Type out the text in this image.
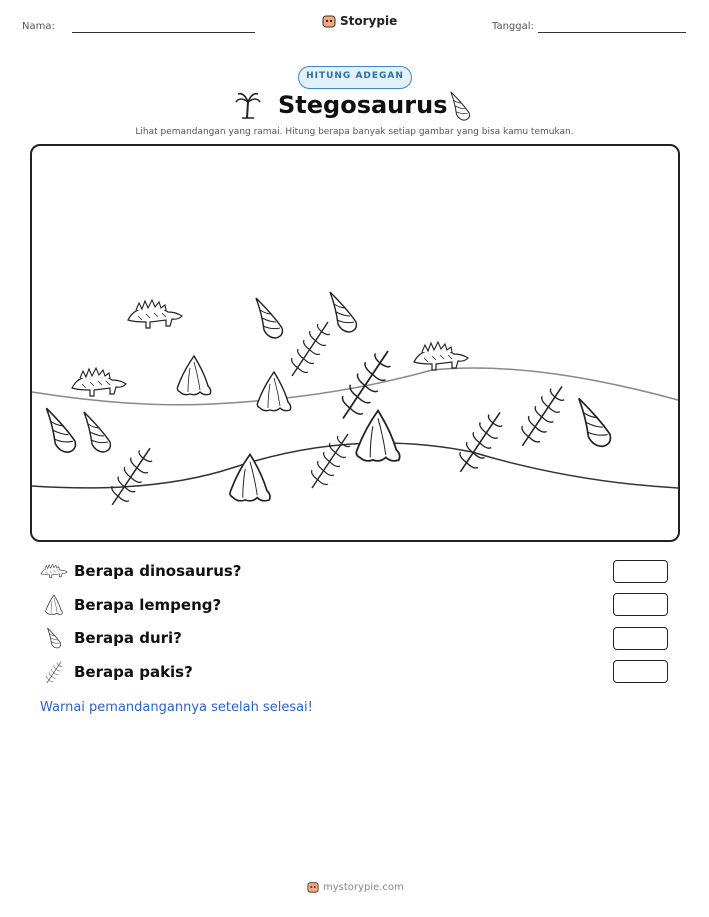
Nama:	Storypie	Tanggal:
HITUNG ADEGAN
Stegosaurus
Lihat pemandangan yang ramai. Hitung berapa banyak setiap gambar yang bisa kamu temukan.
Berapa dinosaurus?
Berapa lempeng?
Berapa duri?
Berapa pakis?
Warnai pemandangannya setelah selesai!
mystorypie.com
